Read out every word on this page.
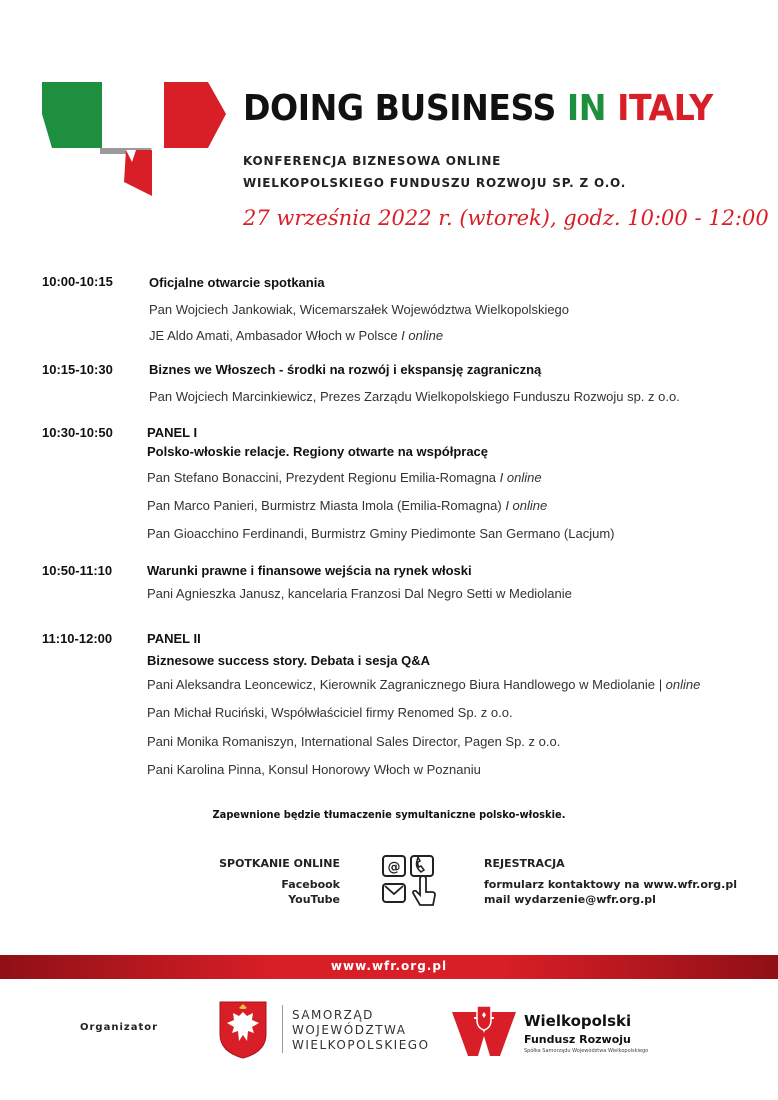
DOING BUSINESS IN ITALY
KONFERENCJA BIZNESOWA ONLINE
WIELKOPOLSKIEGO FUNDUSZU ROZWOJU SP. Z O.O.
27 września 2022 r. (wtorek), godz. 10:00 - 12:00
10:00-10:15	Oficjalne otwarcie spotkania
Pan Wojciech Jankowiak, Wicemarszałek Województwa Wielkopolskiego
JE Aldo Amati, Ambasador Włoch w Polsce I online
10:15-10:30	Biznes we Włoszech - środki na rozwój i ekspansję zagraniczną
Pan Wojciech Marcinkiewicz, Prezes Zarządu Wielkopolskiego Funduszu Rozwoju sp. z o.o.
10:30-10:50	PANEL I
Polsko-włoskie relacje. Regiony otwarte na współpracę
Pan Stefano Bonaccini, Prezydent Regionu Emilia-Romagna I online
Pan Marco Panieri, Burmistrz Miasta Imola (Emilia-Romagna) I online
Pan Gioacchino Ferdinandi, Burmistrz Gminy Piedimonte San Germano (Lacjum)
10:50-11:10	Warunki prawne i finansowe wejścia na rynek włoski
Pani Agnieszka Janusz, kancelaria Franzosi Dal Negro Setti w Mediolanie
11:10-12:00	PANEL II
Biznesowe success story. Debata i sesja Q&A
Pani Aleksandra Leoncewicz, Kierownik Zagranicznego Biura Handlowego w Mediolanie | online
Pan Michał Ruciński, Współwłaściciel firmy Renomed Sp. z o.o.
Pani Monika Romaniszyn, International Sales Director, Pagen Sp. z o.o.
Pani Karolina Pinna, Konsul Honorowy Włoch w Poznaniu
Zapewnione będzie tłumaczenie symultaniczne polsko-włoskie.
SPOTKANIE ONLINE
Facebook
YouTube
@	REJESTRACJA
formularz kontaktowy na www.wfr.org.pl
mail wydarzenie@wfr.org.pl
www.wfr.org.pl
Organizator
SAMORZĄD
WOJEWÓDZTWA
WIELKOPOLSKIEGO
Wielkopolski
Fundusz Rozwoju
Spółka Samorządu Województwa Wielkopolskiego
